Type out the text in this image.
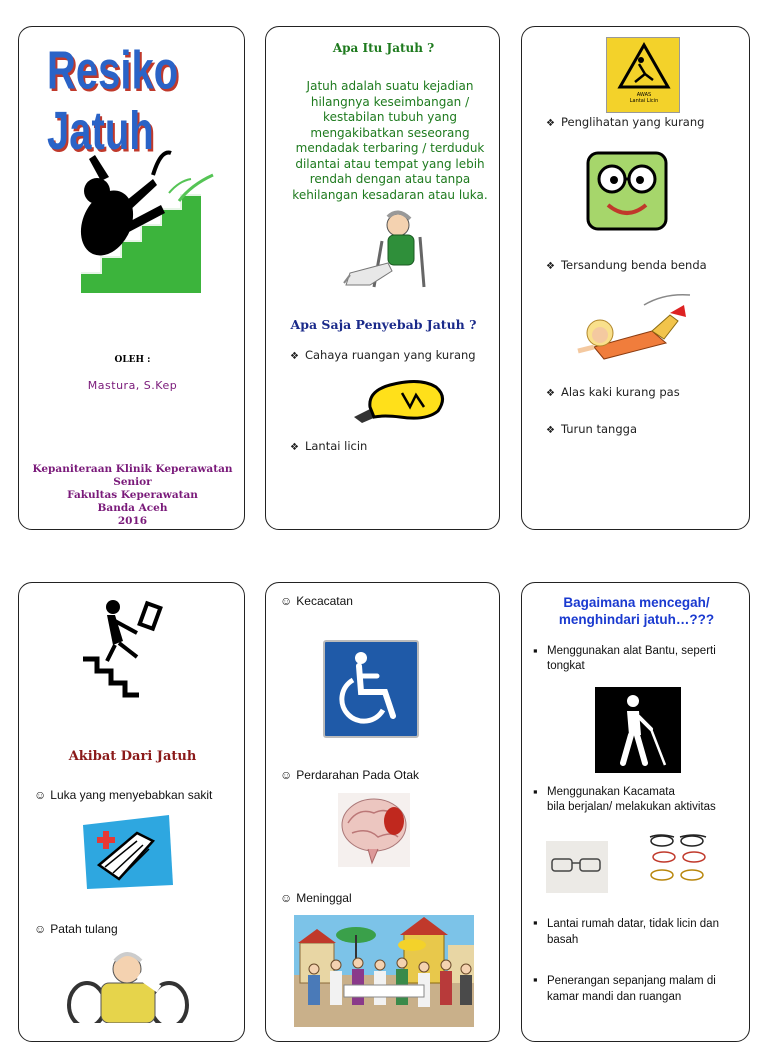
Resiko Jatuh
OLEH :
Mastura, S.Kep
Kepaniteraan Klinik Keperawatan Senior
Fakultas Keperawatan
Banda Aceh
2016
Apa Itu Jatuh ?
Jatuh adalah suatu kejadian hilangnya keseimbangan / kestabilan tubuh yang mengakibatkan seseorang mendadak terbaring / terduduk dilantai atau tempat yang lebih rendah dengan atau tanpa kehilangan kesadaran atau luka.
Apa Saja Penyebab Jatuh ?
❖ Cahaya ruangan yang kurang
❖ Lantai licin
AWAS
Lantai Licin
❖ Penglihatan yang kurang
❖ Tersandung benda benda
❖ Alas kaki kurang pas
❖ Turun tangga
Akibat Dari Jatuh
☺ Luka yang menyebabkan sakit
☺ Patah tulang
☺ Kecacatan
☺ Perdarahan Pada Otak
☺ Meninggal
Bagaimana mencegah/ menghindari jatuh…???
Menggunakan alat Bantu, seperti tongkat
Menggunakan Kacamata
bila berjalan/ melakukan aktivitas
Lantai rumah datar, tidak licin dan basah
Penerangan sepanjang malam di kamar mandi dan ruangan
